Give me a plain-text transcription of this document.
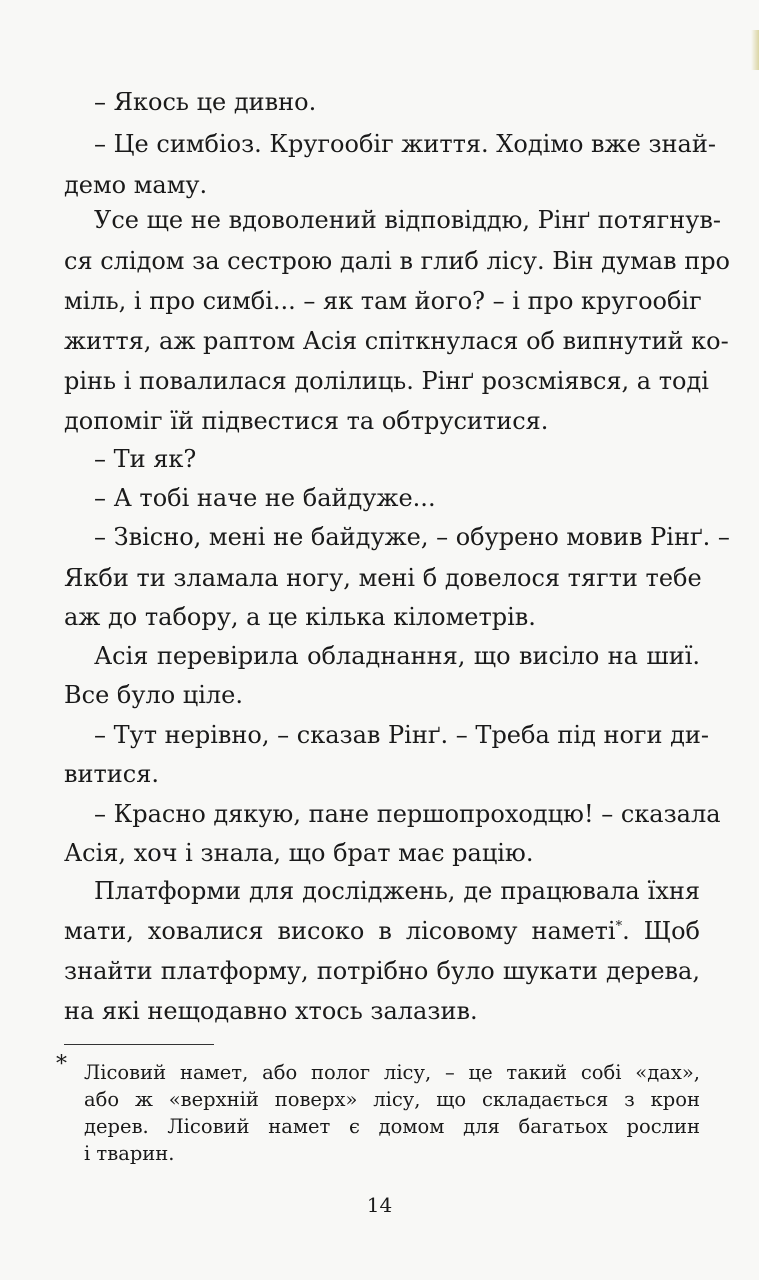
– Якось це дивно.
– Це симбіоз. Кругообіг життя. Ходімо вже знай-
демо маму.
Усе ще не вдоволений відповіддю, Рінґ потягнув-
ся слідом за сестрою далі в глиб лісу. Він думав про
міль, і про симбі... – як там його? – і про кругообіг
життя, аж раптом Асія спіткнулася об випнутий ко-
рінь і повалилася долілиць. Рінґ розсміявся, а тоді
допоміг їй підвестися та обтруситися.
– Ти як?
– А тобі наче не байдуже...
– Звісно, мені не байдуже, – обурено мовив Рінґ. –
Якби ти зламала ногу, мені б довелося тягти тебе
аж до табору, а це кілька кілометрів.
Асія перевірила обладнання, що висіло на шиї.
Все було ціле.
– Тут нерівно, – сказав Рінґ. – Треба під ноги ди-
витися.
– Красно дякую, пане першопроходцю! – сказала
Асія, хоч і знала, що брат має рацію.
Платформи для досліджень, де працювала їхня
мати, ховалися високо в лісовому наметі*. Щоб
знайти платформу, потрібно було шукати дерева,
на які нещодавно хтось залазив.
* Лісовий намет, або полог лісу, – це такий собі «дах»,
або ж «верхній поверх» лісу, що складається з крон
дерев. Лісовий намет є домом для багатьох рослин
і тварин.
14
